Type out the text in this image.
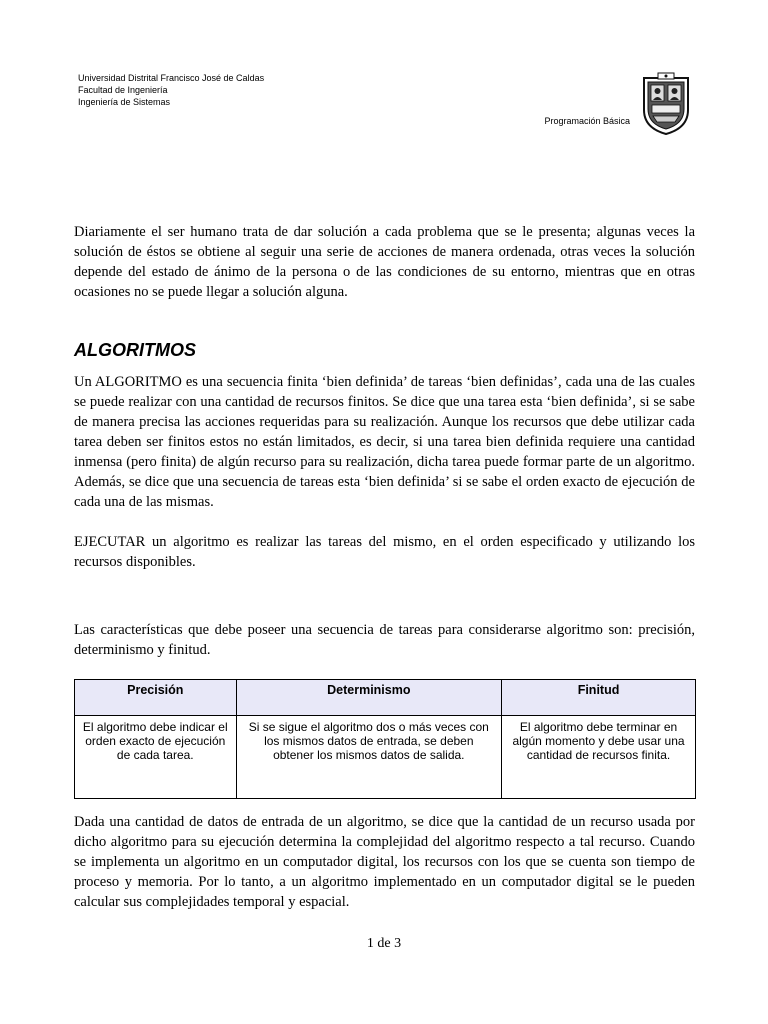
Universidad Distrital Francisco José de Caldas
Facultad de Ingeniería
Ingeniería de Sistemas
Programación Básica

Diariamente el ser humano trata de dar solución a cada problema que se le presenta; algunas veces la solución de éstos se obtiene al seguir una serie de acciones de manera ordenada, otras veces la solución depende del estado de ánimo de la persona o de las condiciones de su entorno, mientras que en otras ocasiones no se puede llegar a solución alguna.

ALGORITMOS

Un ALGORITMO es una secuencia finita ‘bien definida’ de tareas ‘bien definidas’, cada una de las cuales se puede realizar con una cantidad de recursos finitos. Se dice que una tarea esta ‘bien definida’, si se sabe de manera precisa las acciones requeridas para su realización. Aunque los recursos que debe utilizar cada tarea deben ser finitos estos no están limitados, es decir, si una tarea bien definida requiere una cantidad inmensa (pero finita) de algún recurso para su realización, dicha tarea puede formar parte de un algoritmo. Además, se dice que una secuencia de tareas esta ‘bien definida’ si se sabe el orden exacto de ejecución de cada una de las mismas.

EJECUTAR un algoritmo es realizar las tareas del mismo, en el orden especificado y utilizando los recursos disponibles.

Las características que debe poseer una secuencia de tareas para considerarse algoritmo son: precisión, determinismo y finitud.

Precisión	Determinismo	Finitud
El algoritmo debe indicar el orden exacto de ejecución de cada tarea.	Si se sigue el algoritmo dos o más veces con los mismos datos de entrada, se deben obtener los mismos datos de salida.	El algoritmo debe terminar en algún momento y debe usar una cantidad de recursos finita.

Dada una cantidad de datos de entrada de un algoritmo, se dice que la cantidad de un recurso usada por dicho algoritmo para su ejecución determina la complejidad del algoritmo respecto a tal recurso. Cuando se implementa un algoritmo en un computador digital, los recursos con los que se cuenta son tiempo de proceso y memoria. Por lo tanto, a un algoritmo implementado en un computador digital se le pueden calcular sus complejidades temporal y espacial.

1 de 3
